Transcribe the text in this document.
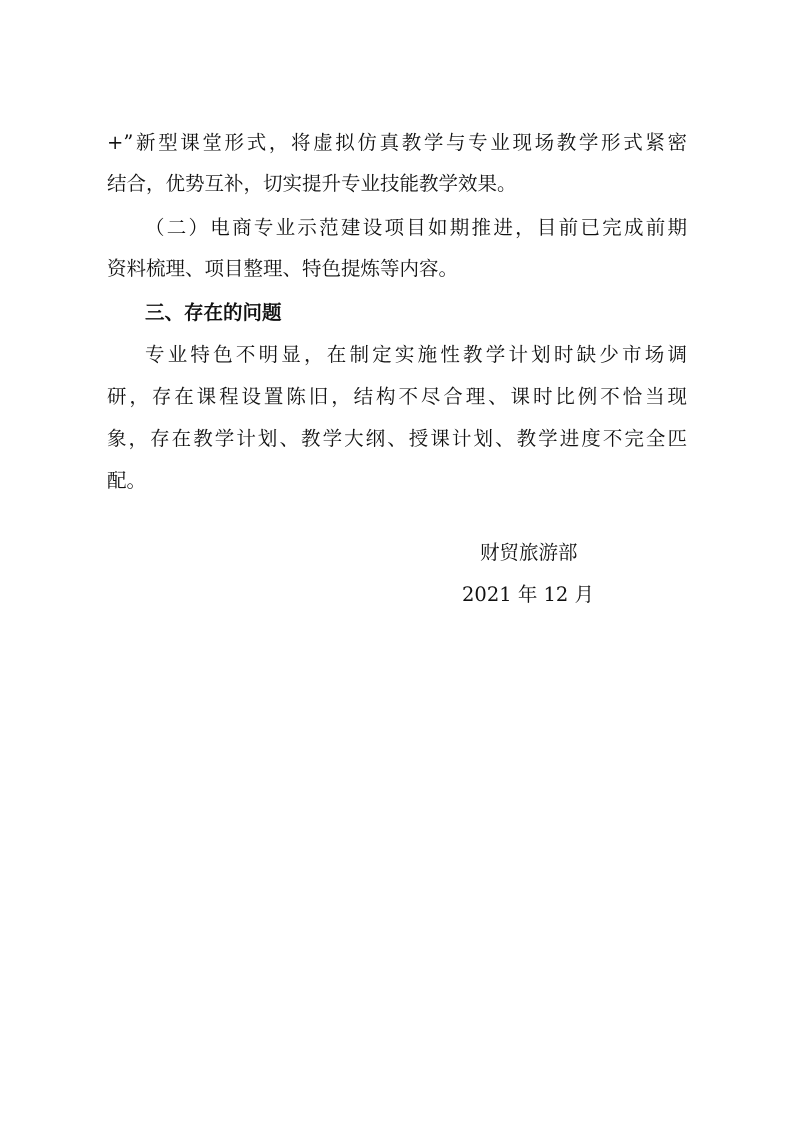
+”新型课堂形式，将虚拟仿真教学与专业现场教学形式紧密
结合，优势互补，切实提升专业技能教学效果。
（二）电商专业示范建设项目如期推进，目前已完成前期
资料梳理、项目整理、特色提炼等内容。
三、存在的问题
专业特色不明显，在制定实施性教学计划时缺少市场调
研，存在课程设置陈旧，结构不尽合理、课时比例不恰当现
象，存在教学计划、教学大纲、授课计划、教学进度不完全匹
配。
财贸旅游部
2021 年 12 月
